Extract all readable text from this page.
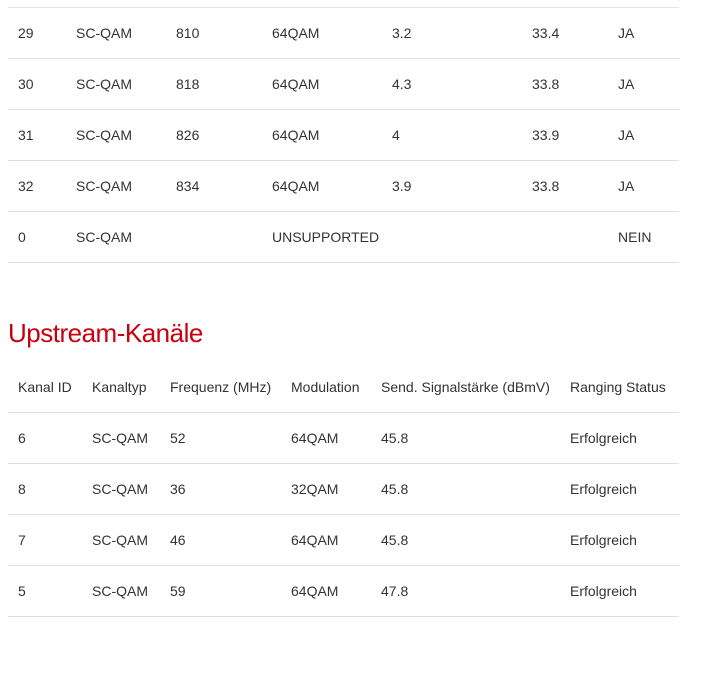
29	SC-QAM	810	64QAM	3.2	33.4	JA
30	SC-QAM	818	64QAM	4.3	33.8	JA
31	SC-QAM	826	64QAM	4	33.9	JA
32	SC-QAM	834	64QAM	3.9	33.8	JA
0	SC-QAM		UNSUPPORTED			NEIN
Upstream-Kanäle
Kanal ID	Kanaltyp	Frequenz (MHz)	Modulation	Send. Signalstärke (dBmV)	Ranging Status
6	SC-QAM	52	64QAM	45.8	Erfolgreich
8	SC-QAM	36	32QAM	45.8	Erfolgreich
7	SC-QAM	46	64QAM	45.8	Erfolgreich
5	SC-QAM	59	64QAM	47.8	Erfolgreich
